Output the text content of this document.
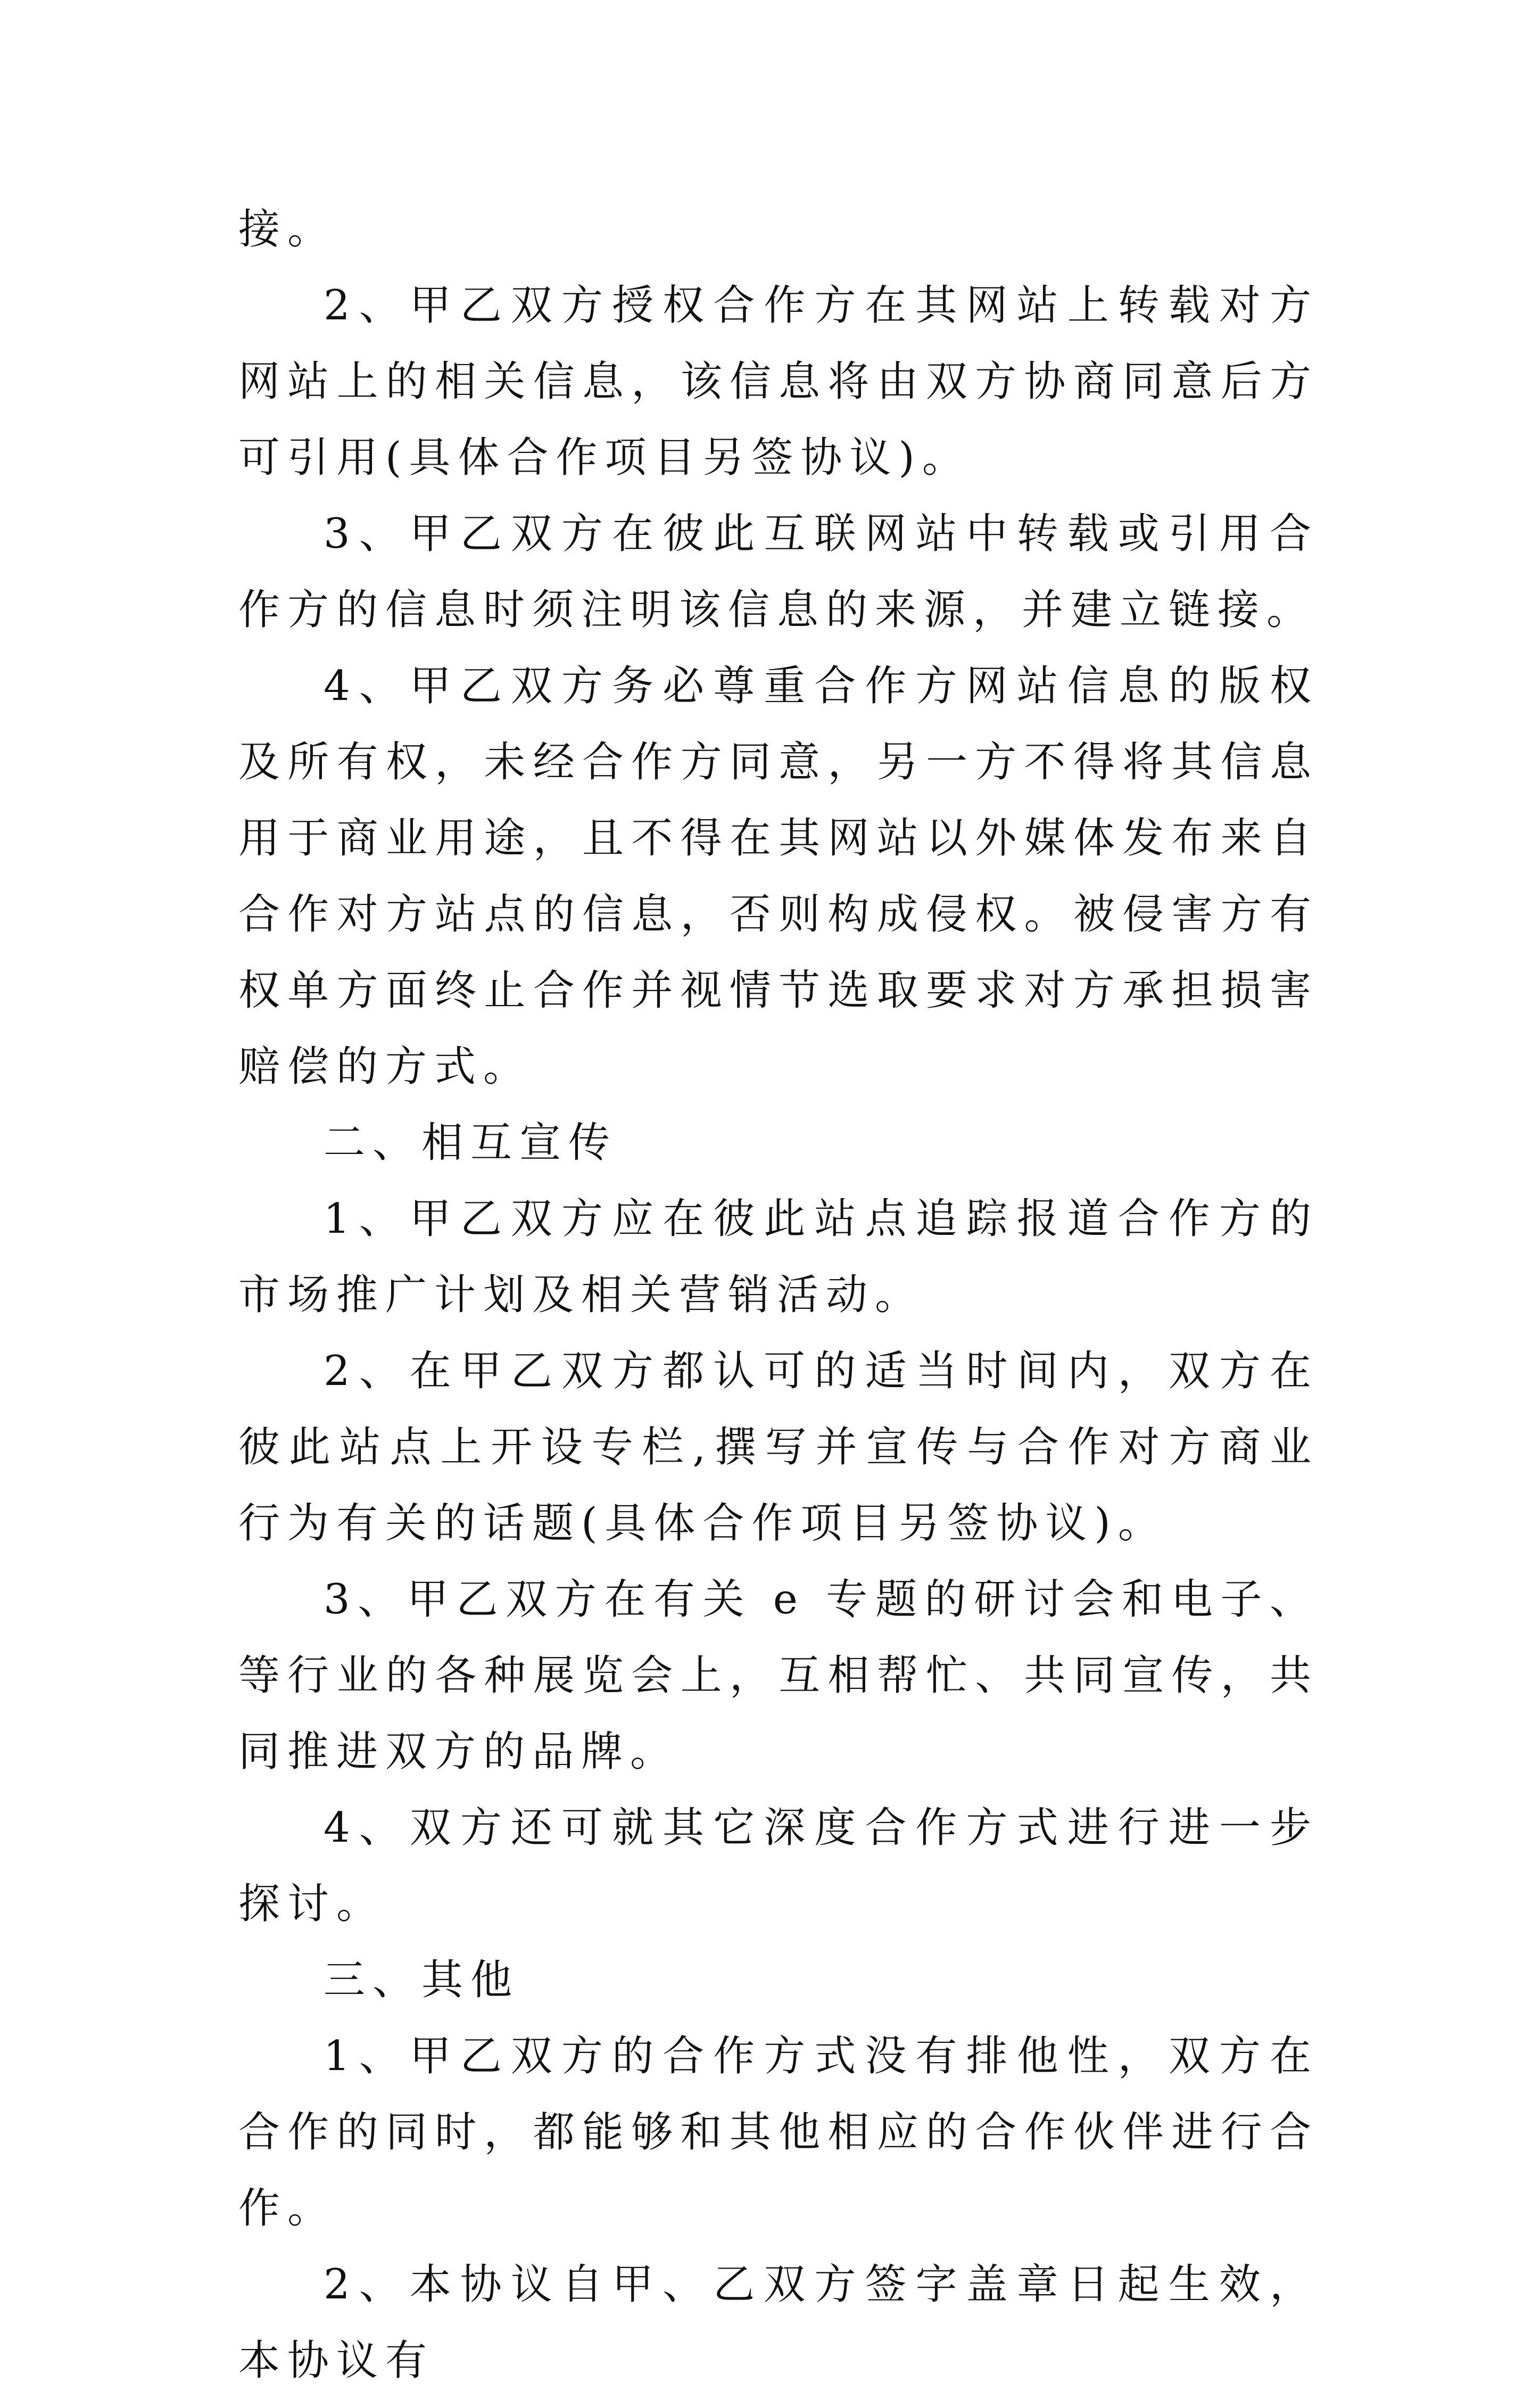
接。

2、甲乙双方授权合作方在其网站上转载对方网站上的相关信息，该信息将由双方协商同意后方可引用(具体合作项目另签协议)。

3、甲乙双方在彼此互联网站中转载或引用合作方的信息时须注明该信息的来源，并建立链接。

4、甲乙双方务必尊重合作方网站信息的版权及所有权，未经合作方同意，另一方不得将其信息用于商业用途，且不得在其网站以外媒体发布来自合作对方站点的信息，否则构成侵权。被侵害方有权单方面终止合作并视情节选取要求对方承担损害赔偿的方式。

二、相互宣传

1、甲乙双方应在彼此站点追踪报道合作方的市场推广计划及相关营销活动。

2、在甲乙双方都认可的适当时间内，双方在彼此站点上开设专栏,撰写并宣传与合作对方商业行为有关的话题(具体合作项目另签协议)。

3、甲乙双方在有关 e 专题的研讨会和电子、等行业的各种展览会上，互相帮忙、共同宣传，共同推进双方的品牌。

4、双方还可就其它深度合作方式进行进一步探讨。

三、其他

1、甲乙双方的合作方式没有排他性，双方在合作的同时，都能够和其他相应的合作伙伴进行合作。

2、本协议自甲、乙双方签字盖章日起生效，本协议有
